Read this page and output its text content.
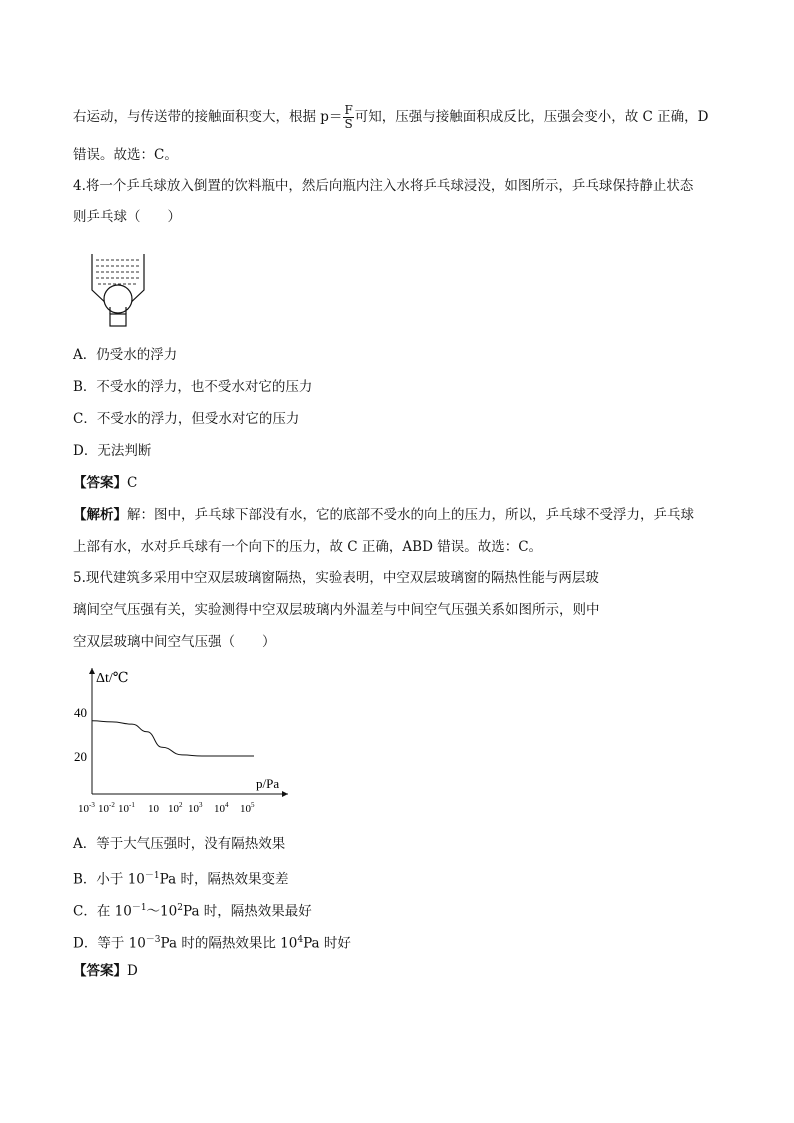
右运动，与传送带的接触面积变大，根据 $p= \frac{F}{S}$ 可知，压强与接触面积成反比，压强会变小，故 C 正确，D
错误。故选：C。
4.将一个乒乓球放入倒置的饮料瓶中，然后向瓶内注入水将乒乓球浸没，如图所示，乒乓球保持静止状态
则乒乓球（　　）
A．仍受水的浮力
B．不受水的浮力，也不受水对它的压力
C．不受水的浮力，但受水对它的压力
D．无法判断
【答案】C
【解析】解：图中，乒乓球下部没有水，它的底部不受水的向上的压力，所以，乒乓球不受浮力，乒乓球
上部有水，水对乒乓球有一个向下的压力，故 C 正确，ABD 错误。故选：C。
5.现代建筑多采用中空双层玻璃窗隔热，实验表明，中空双层玻璃窗的隔热性能与两层玻
璃间空气压强有关，实验测得中空双层玻璃内外温差与中间空气压强关系如图所示，则中
空双层玻璃中间空气压强（　　）
Δt/℃
p/Pa
40
20
$10^{-3}$ $10^{-2}$ $10^{-1}$ 10 $10^2$ $10^3$ $10^4$ $10^5$
A．等于大气压强时，没有隔热效果
B．小于 $10^{-1}Pa$ 时，隔热效果变差
C．在 $10^{-1}\sim 10^2Pa$ 时，隔热效果最好
D．等于 $10^{-3}Pa$ 时的隔热效果比 $10^4Pa$ 时好
【答案】D
